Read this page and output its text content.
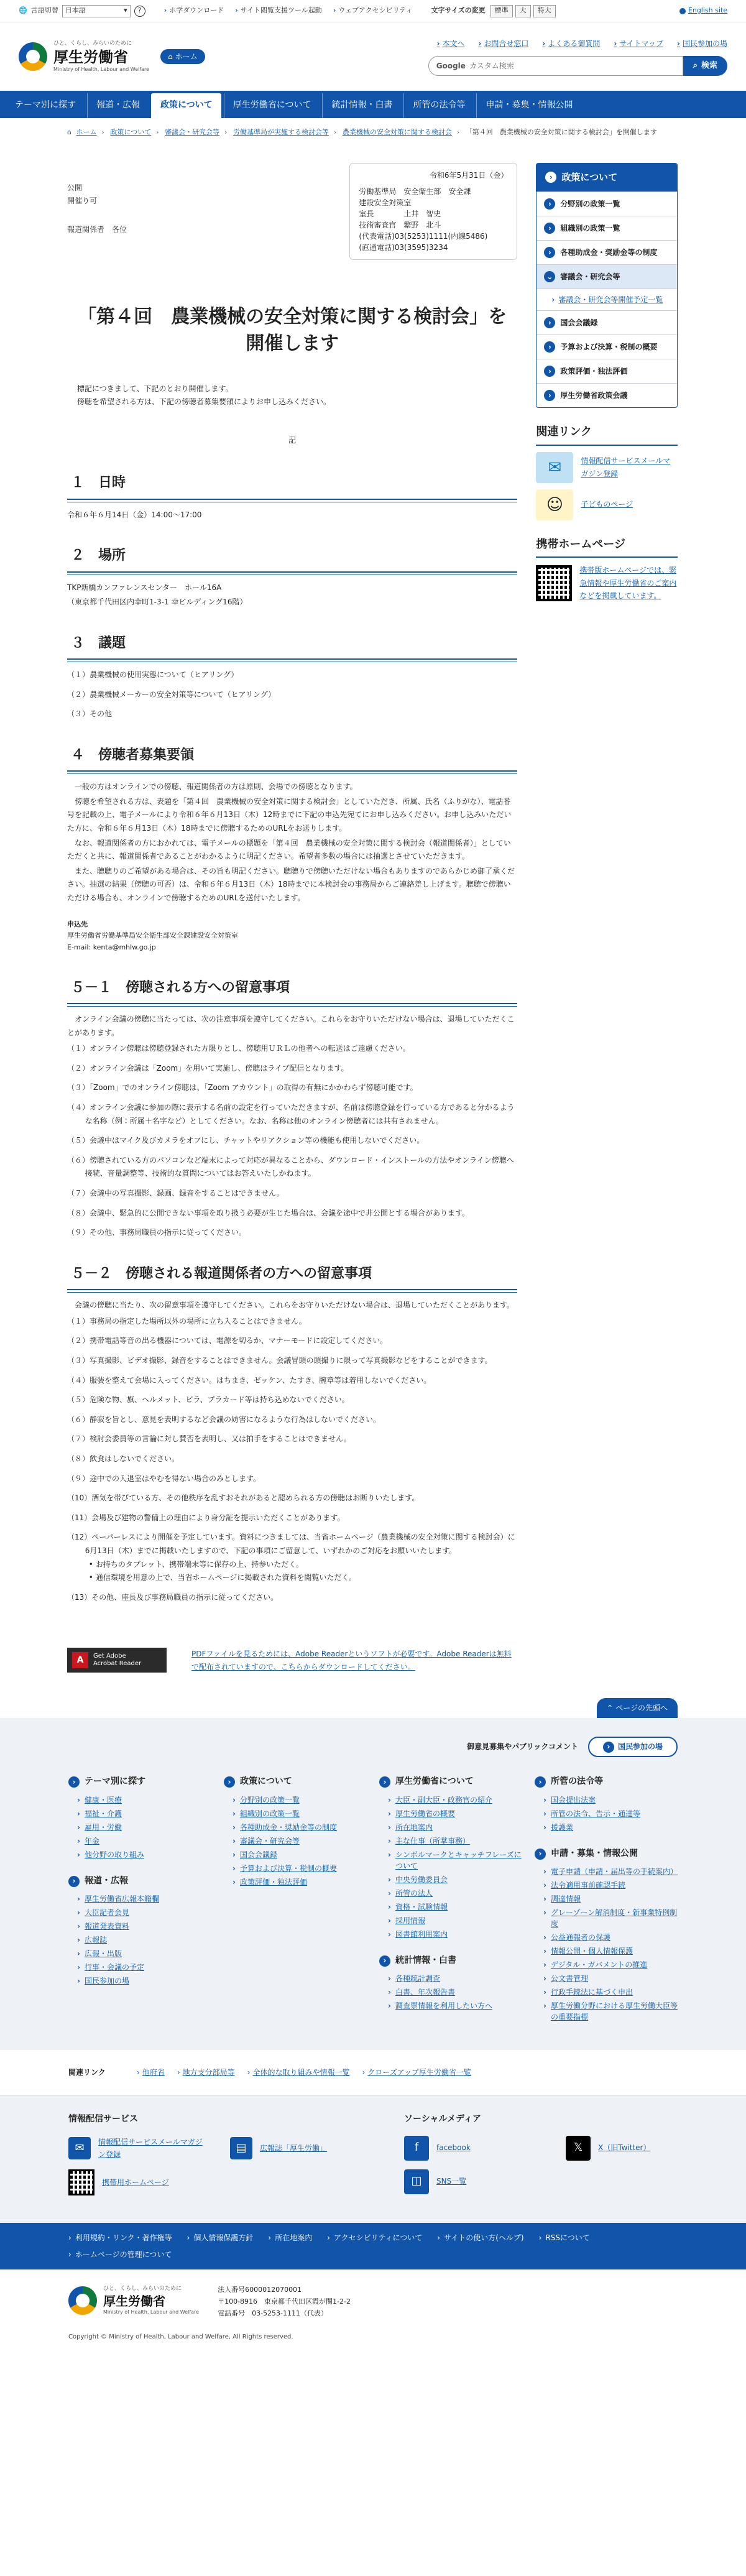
🌐 言語切替 日本語	▾	?	› ホ学ダウンロード	› サイト閲覧支援ツール起動	› ウェブアクセシビリティ	文字サイズの変更	標準	大	特大	English site
ひと、くらし、みらいのために
厚生労働省
Ministry of Health, Labour and Welfare
⌂ ホーム
› 本文へ	› お問合せ窓口	› よくある御質問	› サイトマップ	› 国民参加の場
Google カスタム検索	⌕ 検索
テーマ別に探す	報道・広報	政策について	厚生労働省について	統計情報・白書	所管の法令等	申請・募集・情報公開
⌂ ホーム › 政策について › 審議会・研究会等 › 労働基準局が実施する検討会等 › 農業機械の安全対策に関する検討会 › 「第４回　農業機械の安全対策に関する検討会」を開催します
公開
開催り可
報道関係者　各位
令和6年5月31日（金）
労働基準局　安全衛生部　安全課
建設安全対策室
室長	土井　智史
技術審査官 繁野　北斗
(代表電話)03(5253)1111(内線5486)
(直通電話)03(3595)3234
「第４回　農業機械の安全対策に関する検討会」を開催します

標記につきまして、下記のとおり開催します。

傍聴を希望される方は、下記の傍聴者募集要領によりお申し込みください。

記
１　日時

令和６年６月14日（金）14:00～17:00

２　場所

TKP新橋カンファレンスセンター　ホール16A

（東京都千代田区内幸町1-3-1 幸ビルディング16階）

３　議題

（１）農業機械の使用実態について（ヒアリング）

（２）農業機械メーカーの安全対策等について（ヒアリング）

（３）その他

４　傍聴者募集要領

一般の方はオンラインでの傍聴、報道関係者の方は原則、会場での傍聴となります。

傍聴を希望される方は、表題を「第４回　農業機械の安全対策に関する検討会」としていただき、所属、氏名（ふりがな）、電話番号を記載の上、電子メールにより令和６年６月13日（木）12時までに下記の申込先宛てにお申し込みください。お申し込みいただいた方に、令和６年６月13日（木）18時までに傍聴するためのURLをお送りします。

なお、報道関係者の方におかれては、電子メールの標題を「第４回　農業機械の安全対策に関する検討会（報道関係者）」としていただくと共に、報道関係者であることがわかるように明記ください。希望者多数の場合には抽選とさせていただきます。

また、聴聴りのご希望がある場合は、その旨も明記ください。聴聴りで傍聴いただけない場合もありますのであらかじめ御了承ください。抽選の結果（傍聴の可否）は、令和６年６月13日（木）18時までに本検討会の事務局からご連絡差し上げます。聴聴で傍聴いただける場合も、オンラインで傍聴するためのURLを送付いたします。

申込先
厚生労働省労働基準局安全衛生部安全課建設安全対策室
E-mail: kenta@mhlw.go.jp
５－１　傍聴される方への留意事項

オンライン会議の傍聴に当たっては、次の注意事項を遵守してください。これらをお守りいただけない場合は、退場していただくことがあります。

（１）オンライン傍聴は傍聴登録された方限りとし、傍聴用ＵＲＬの他者への転送はご遠慮ください。
（２）オンライン会議は「Zoom」を用いて実施し、傍聴はライブ配信となります。
（３）「Zoom」でのオンライン傍聴は、「Zoom アカウント」の取得の有無にかかわらず傍聴可能です。
（４）オンライン会議に参加の際に表示する名前の設定を行っていただきますが、名前は傍聴登録を行っている方であると分かるような名称（例：所属＋名字など）としてください。なお、名称は他のオンライン傍聴者には共有されません。
（５）会議中はマイク及びカメラをオフにし、チャットやリアクション等の機能も使用しないでください。
（６）傍聴されている方のパソコンなど端末によって対応が異なることから、ダウンロード・インストールの方法やオンライン傍聴へ接続、音量調整等、技術的な質問についてはお答えいたしかねます。
（７）会議中の写真撮影、録画、録音をすることはできません。
（８）会議中、緊急的に公開できない事項を取り扱う必要が生じた場合は、会議を途中で非公開とする場合があります。
（９）その他、事務局職員の指示に従ってください。
５－２　傍聴される報道関係者の方への留意事項

会議の傍聴に当たり、次の留意事項を遵守してください。これらをお守りいただけない場合は、退場していただくことがあります。

（１）事務局の指定した場所以外の場所に立ち入ることはできません。
（２）携帯電話等音の出る機器については、電源を切るか、マナーモードに設定してください。
（３）写真撮影、ビデオ撮影、録音をすることはできません。会議冒頭の頭撮りに限って写真撮影などをすることができます。
（４）服装を整えて会場に入ってください。はちまき、ゼッケン、たすき、腕章等は着用しないでください。
（５）危険な物、旗、ヘルメット、ビラ、プラカード等は持ち込めないでください。
（６）静寂を旨とし、意見を表明するなど会議の妨害になるような行為はしないでください。
（７）検討会委員等の言論に対し賛否を表明し、又は拍手をすることはできません。
（８）飲食はしないでください。
（９）途中での入退室はやむを得ない場合のみとします。
（10）酒気を帯びている方、その他秩序を乱すおそれがあると認められる方の傍聴はお断りいたします。
（11）会場及び建物の警備上の理由により身分証を提示いただくことがあります。
（12）ペーパーレスにより開催を予定しています。資料につきましては、当省ホームページ（農業機械の安全対策に関する検討会）に6月13日（木）までに掲載いたしますので、下記の事項にご留意して、いずれかのご対応をお願いいたします。
• お持ちのタブレット、携帯端末等に保存の上、持参いただく。
• 通信環境を用意の上で、当省ホームページに掲載された資料を閲覧いただく。
（13）その他、座長及び事務局職員の指示に従ってください。
A	Get Adobe
Acrobat Reader
PDFファイルを見るためには、Adobe Readerというソフトが必要です。Adobe Readerは無料で配布されていますので、こちらからダウンロードしてください。
› 政策について
›	分野別の政策一覧
›	組織別の政策一覧
›	各種助成金・奨励金等の制度
⌄ 審議会・研究会等
› 審議会・研究会等開催予定一覧
›	国会会議録
›	予算および決算・税制の概要
›	政策評価・独法評価
›	厚生労働省政策会議
関連リンク
✉	情報配信サービスメールマガジン登録
☺	子どものページ
携帯ホームページ
携帯版ホームページでは、緊急情報や厚生労働省のご案内などを掲載しています。
⌃ ページの先頭へ
御意見募集やパブリックコメント	›	国民参加の場
›	テーマ別に探す
› 健康・医療
› 福祉・介護
› 雇用・労働
› 年金
› 他分野の取り組み
›	報道・広報
› 厚生労働省広報本籍欄
› 大臣記者会見
› 報道発表資料
› 広報誌
› 広報・出版
› 行事・会議の予定
› 国民参加の場
›	政策について
› 分野別の政策一覧
› 組織別の政策一覧
› 各種助成金・奨励金等の制度
› 審議会・研究会等
› 国会会議録
› 予算および決算・税制の概要
› 政策評価・独法評価
›	厚生労働省について
› 大臣・副大臣・政務官の紹介
› 厚生労働省の概要
› 所在地案内
› 主な仕事（所掌事務）
› シンボルマークとキャッチフレーズについて
› 中央労働委員会
› 所管の法人
› 資格・試験情報
› 採用情報
› 図書館利用案内
›	統計情報・白書
› 各種統計調査
› 白書、年次報告書
› 調査票情報を利用したい方へ
›	所管の法令等
› 国会提出法案
› 所管の法令、告示・通達等
› 援護業
›	申請・募集・情報公開
› 電子申請（申請・届出等の手続案内）
› 法令適用事前確認手続
› 調達情報
› グレーゾーン解消制度・新事業特例制度
› 公益通報者の保護
› 情報公開・個人情報保護
› デジタル・ガバメントの推進
› 公文書管理
› 行政手続法に基づく申出
› 厚生労働分野における厚生労働大臣等の重要指標
関連リンク	› 他府省	› 地方支分部局等	› 全体的な取り組みや情報一覧	› クローズアップ厚生労働省一覧
情報配信サービス
✉	情報配信サービスメールマガジン登録
▤	広報誌「厚生労働」
携帯用ホームページ
ソーシャルメディア
f	facebook	𝕏	X（旧Twitter）
◫	SNS一覧
› 利用規約・リンク・著作権等	› 個人情報保護方針	› 所在地案内	› アクセシビリティについて	› サイトの使い方(ヘルプ)	› RSSについて
› ホームページの管理について
ひと、くらし、みらいのために
厚生労働省
Ministry of Health, Labour and Welfare
法人番号6000012070001
〒100-8916　東京都千代田区霞が関1-2-2
電話番号　03-5253-1111（代表）
Copyright © Ministry of Health, Labour and Welfare, All Rights reserved.
